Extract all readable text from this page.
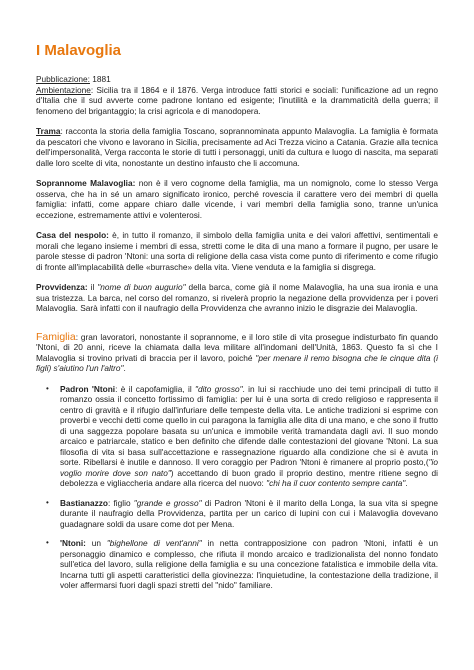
I Malavoglia

Pubblicazione: 1881

Ambientazione: Sicilia tra il 1864 e il 1876. Verga introduce fatti storici e sociali: l'unificazione ad un regno d'Italia che il sud avverte come padrone lontano ed esigente; l'inutilità e la drammaticità della guerra; il fenomeno del brigantaggio; la crisi agricola e di manodopera.

Trama: racconta la storia della famiglia Toscano, soprannominata appunto Malavoglia. La famiglia è formata da pescatori che vivono e lavorano in Sicilia, precisamente ad Aci Trezza vicino a Catania. Grazie alla tecnica dell'impersonalità, Verga racconta le storie di tutti i personaggi, uniti da cultura e luogo di nascita, ma separati dalle loro scelte di vita, nonostante un destino infausto che li accomuna.

Soprannome Malavoglia: non è il vero cognome della famiglia, ma un nomignolo, come lo stesso Verga osserva, che ha in sé un amaro significato ironico, perché rovescia il carattere vero dei membri di quella famiglia: infatti, come appare chiaro dalle vicende, i vari membri della famiglia sono, tranne un'unica eccezione, estremamente attivi e volenterosi.

Casa del nespolo: è, in tutto il romanzo, il simbolo della famiglia unita e dei valori affettivi, sentimentali e morali che legano insieme i membri di essa, stretti come le dita di una mano a formare il pugno, per usare le parole stesse di padron 'Ntoni: una sorta di religione della casa vista come punto di riferimento e come rifugio di fronte all'implacabilità delle «burrasche» della vita. Viene venduta e la famiglia si disgrega.

Provvidenza: il "nome di buon augurio" della barca, come già il nome Malavoglia, ha una sua ironia e una sua tristezza. La barca, nel corso del romanzo, si rivelerà proprio la negazione della provvidenza per i poveri Malavoglia. Sarà infatti con il naufragio della Provvidenza che avranno inizio le disgrazie dei Malavoglia.

Famiglia: gran lavoratori, nonostante il soprannome, e il loro stile di vita prosegue indisturbato fin quando 'Ntoni, di 20 anni, riceve la chiamata dalla leva militare all'indomani dell'Unità, 1863. Questo fa sì che I Malavoglia si trovino privati di braccia per il lavoro, poiché "per menare il remo bisogna che le cinque dita (i figli) s'aiutino l'un l'altro".

• Padron 'Ntoni: è il capofamiglia, il "dito grosso". in lui si racchiude uno dei temi principali di tutto il romanzo ossia il concetto fortissimo di famiglia: per lui è una sorta di credo religioso e rappresenta il centro di gravità e il rifugio dall'infuriare delle tempeste della vita. Le antiche tradizioni si esprime con proverbi e vecchi detti come quello in cui paragona la famiglia alle dita di una mano, e che sono il frutto di una saggezza popolare basata su un'unica e immobile verità tramandata dagli avi. Il suo mondo arcaico e patriarcale, statico e ben definito che difende dalle contestazioni del giovane 'Ntoni. La sua filosofia di vita si basa sull'accettazione e rassegnazione riguardo alla condizione che si è avuta in sorte. Ribellarsi è inutile e dannoso. Il vero coraggio per Padron 'Ntoni è rimanere al proprio posto,("io voglio morire dove son nato") accettando di buon grado il proprio destino, mentre ritiene segno di debolezza e vigliaccheria andare alla ricerca del nuovo: "chi ha il cuor contento sempre canta".
• Bastianazzo: figlio "grande e grosso" di Padron 'Ntoni è il marito della Longa, la sua vita si spegne durante il naufragio della Provvidenza, partita per un carico di lupini con cui i Malavoglia dovevano guadagnare soldi da usare come dot per Mena.
• 'Ntoni: un "bighellone di vent'anni" in netta contrapposizione con padron 'Ntoni, infatti è un personaggio dinamico e complesso, che rifiuta il mondo arcaico e tradizionalista del nonno fondato sull'etica del lavoro, sulla religione della famiglia e su una concezione fatalistica e immobile della vita. Incarna tutti gli aspetti caratteristici della giovinezza: l'inquietudine, la contestazione della tradizione, il voler affermarsi fuori dagli spazi stretti del "nido" familiare.
